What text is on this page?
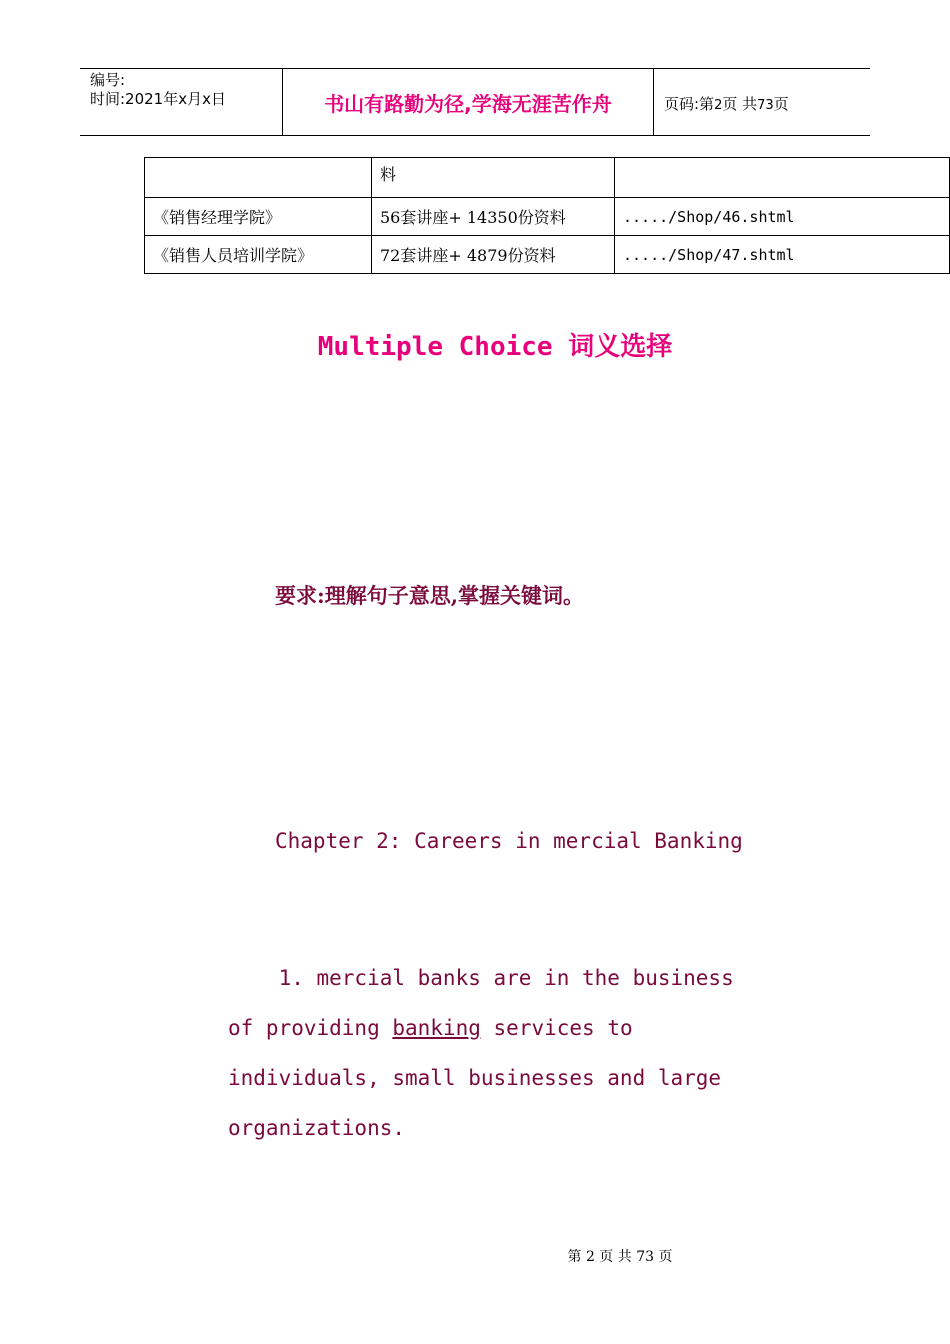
编号:
时间:2021年x月x日	书山有路勤为径,学海无涯苦作舟	页码:第2页 共73页
	料	
《销售经理学院》	56套讲座+ 14350份资料	...../Shop/46.shtml
《销售人员培训学院》	72套讲座+ 4879份资料	...../Shop/47.shtml
Multiple Choice 词义选择
要求:理解句子意思,掌握关键词。
Chapter 2: Careers in mercial Banking
1. mercial banks are in the business
of providing banking services to
individuals, small businesses and large
organizations.
第 2 页 共 73 页
